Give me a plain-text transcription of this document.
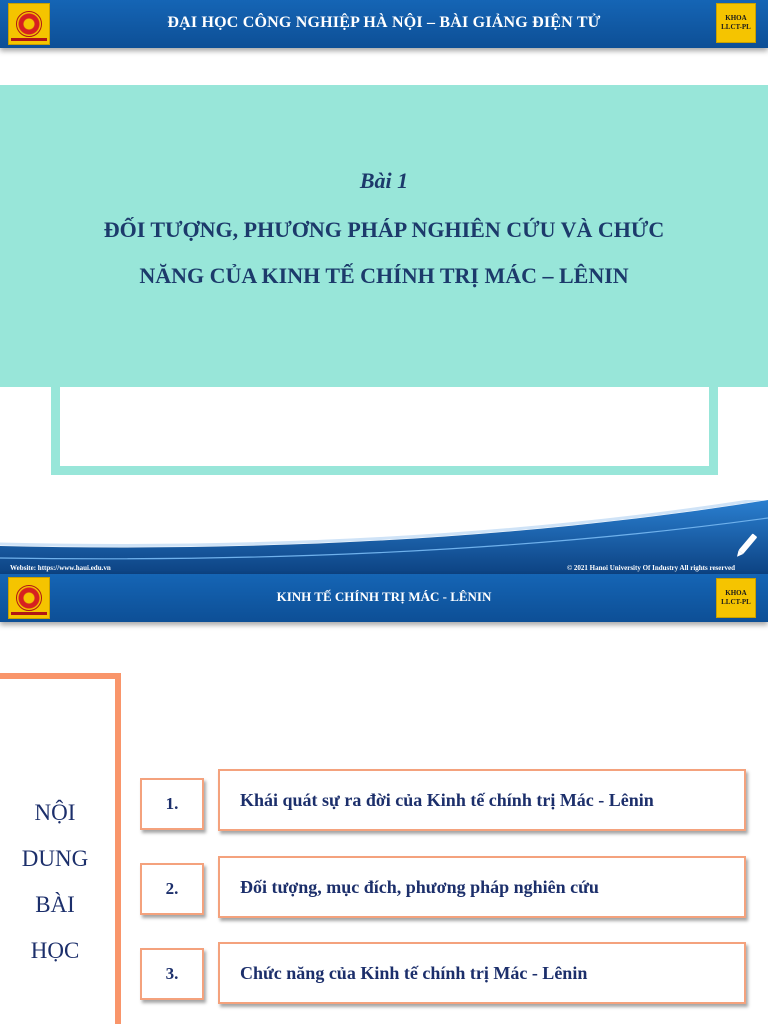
ĐẠI HỌC CÔNG NGHIỆP HÀ NỘI – BÀI GIẢNG ĐIỆN TỬ	KHOA
LLCT-PL
Bài 1
ĐỐI TƯỢNG, PHƯƠNG PHÁP NGHIÊN CỨU VÀ CHỨC
NĂNG CỦA KINH TẾ CHÍNH TRỊ MÁC – LÊNIN
Website: https://www.haui.edu.vn	© 2021 Hanoi University Of Industry All rights reserved
KINH TẾ CHÍNH TRỊ MÁC - LÊNIN	KHOA
LLCT-PL
NỘI
DUNG
BÀI
HỌC
1.	Khái quát sự ra đời của Kinh tế chính trị Mác - Lênin
2.	Đối tượng, mục đích, phương pháp nghiên cứu
3.	Chức năng của Kinh tế chính trị Mác - Lênin
